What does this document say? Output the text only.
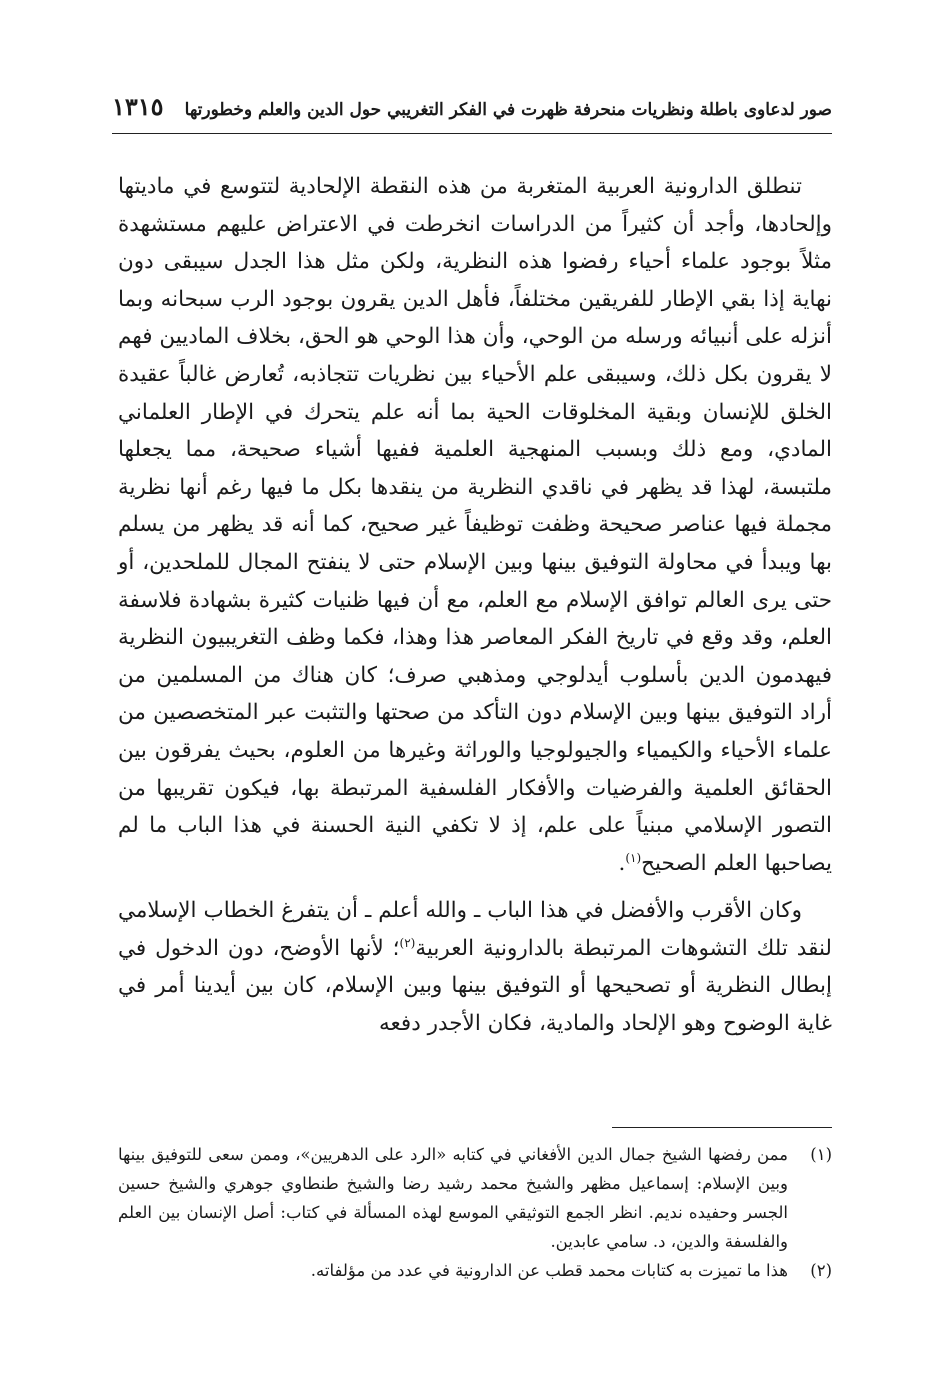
صور لدعاوى باطلة ونظريات منحرفة ظهرت في الفكر التغريبي حول الدين والعلم وخطورتها
١٣١٥

تنطلق الدارونية العربية المتغربة من هذه النقطة الإلحادية لتتوسع في ماديتها وإلحادها، وأجد أن كثيراً من الدراسات انخرطت في الاعتراض عليهم مستشهدة مثلاً بوجود علماء أحياء رفضوا هذه النظرية، ولكن مثل هذا الجدل سيبقى دون نهاية إذا بقي الإطار للفريقين مختلفاً، فأهل الدين يقرون بوجود الرب سبحانه وبما أنزله على أنبيائه ورسله من الوحي، وأن هذا الوحي هو الحق، بخلاف الماديين فهم لا يقرون بكل ذلك، وسيبقى علم الأحياء بين نظريات تتجاذبه، تُعارض غالباً عقيدة الخلق للإنسان وبقية المخلوقات الحية بما أنه علم يتحرك في الإطار العلماني المادي، ومع ذلك وبسبب المنهجية العلمية ففيها أشياء صحيحة، مما يجعلها ملتبسة، لهذا قد يظهر في ناقدي النظرية من ينقدها بكل ما فيها رغم أنها نظرية مجملة فيها عناصر صحيحة وظفت توظيفاً غير صحيح، كما أنه قد يظهر من يسلم بها ويبدأ في محاولة التوفيق بينها وبين الإسلام حتى لا ينفتح المجال للملحدين، أو حتى يرى العالم توافق الإسلام مع العلم، مع أن فيها ظنيات كثيرة بشهادة فلاسفة العلم، وقد وقع في تاريخ الفكر المعاصر هذا وهذا، فكما وظف التغريبيون النظرية فيهدمون الدين بأسلوب أيدلوجي ومذهبي صرف؛ كان هناك من المسلمين من أراد التوفيق بينها وبين الإسلام دون التأكد من صحتها والتثبت عبر المتخصصين من علماء الأحياء والكيمياء والجيولوجيا والوراثة وغيرها من العلوم، بحيث يفرقون بين الحقائق العلمية والفرضيات والأفكار الفلسفية المرتبطة بها، فيكون تقريبها من التصور الإسلامي مبنياً على علم، إذ لا تكفي النية الحسنة في هذا الباب ما لم يصاحبها العلم الصحيح$^{(١)}$.

وكان الأقرب والأفضل في هذا الباب ـ والله أعلم ـ أن يتفرغ الخطاب الإسلامي لنقد تلك التشوهات المرتبطة بالدارونية العربية$^{(٢)}$؛ لأنها الأوضح، دون الدخول في إبطال النظرية أو تصحيحها أو التوفيق بينها وبين الإسلام، كان بين أيدينا أمر في غاية الوضوح وهو الإلحاد والمادية، فكان الأجدر دفعه

(١)
ممن رفضها الشيخ جمال الدين الأفغاني في كتابه «الرد على الدهريين»، وممن سعى للتوفيق بينها وبين الإسلام: إسماعيل مظهر والشيخ محمد رشيد رضا والشيخ طنطاوي جوهري والشيخ حسين الجسر وحفيده نديم. انظر الجمع التوثيقي الموسع لهذه المسألة في كتاب: أصل الإنسان بين العلم والفلسفة والدين، د. سامي عابدين.
(٢)
هذا ما تميزت به كتابات محمد قطب عن الدارونية في عدد من مؤلفاته.
